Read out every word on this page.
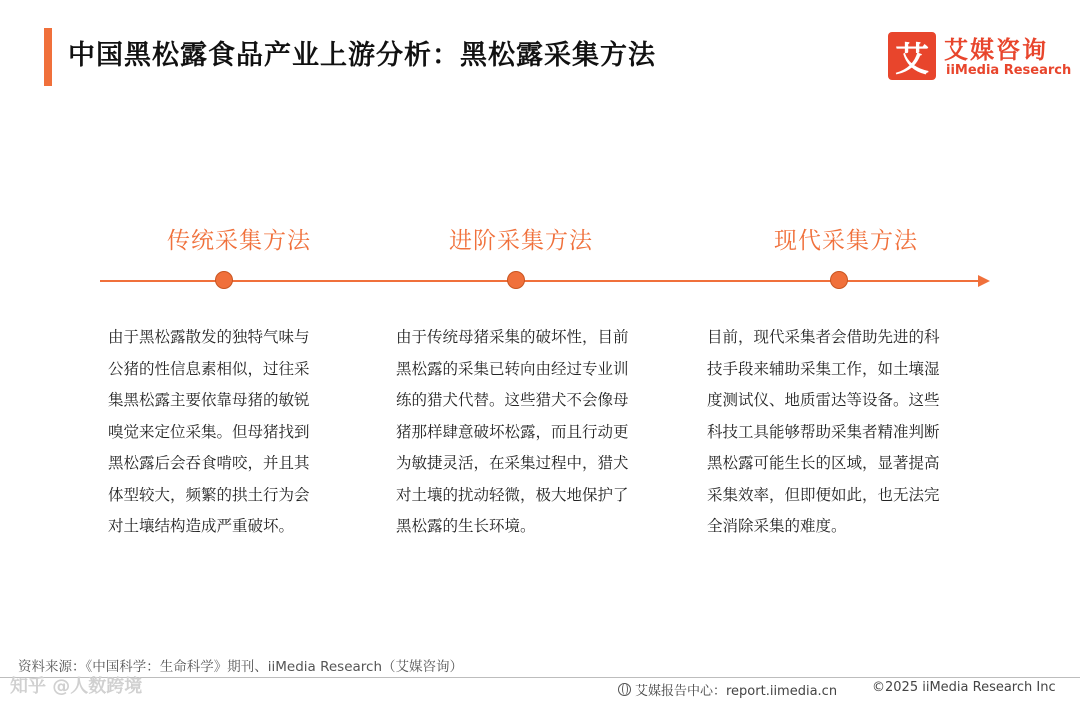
中国黑松露食品产业上游分析：黑松露采集方法	艾 艾媒咨询
iiMedia Research
传统采集方法	进阶采集方法	现代采集方法
由于黑松露散发的独特气味与
公猪的性信息素相似，过往采
集黑松露主要依靠母猪的敏锐
嗅觉来定位采集。但母猪找到
黑松露后会吞食啃咬，并且其
体型较大，频繁的拱土行为会
对土壤结构造成严重破坏。
由于传统母猪采集的破坏性，目前
黑松露的采集已转向由经过专业训
练的猎犬代替。这些猎犬不会像母
猪那样肆意破坏松露，而且行动更
为敏捷灵活，在采集过程中，猎犬
对土壤的扰动轻微，极大地保护了
黑松露的生长环境。
目前，现代采集者会借助先进的科
技手段来辅助采集工作，如土壤湿
度测试仪、地质雷达等设备。这些
科技工具能够帮助采集者精准判断
黑松露可能生长的区域，显著提高
采集效率，但即便如此，也无法完
全消除采集的难度。
资料来源：《中国科学：生命科学》期刊、iiMedia Research（艾媒咨询）
知乎 @人数跨境	艾媒报告中心：report.iimedia.cn	©2025 iiMedia Research Inc
